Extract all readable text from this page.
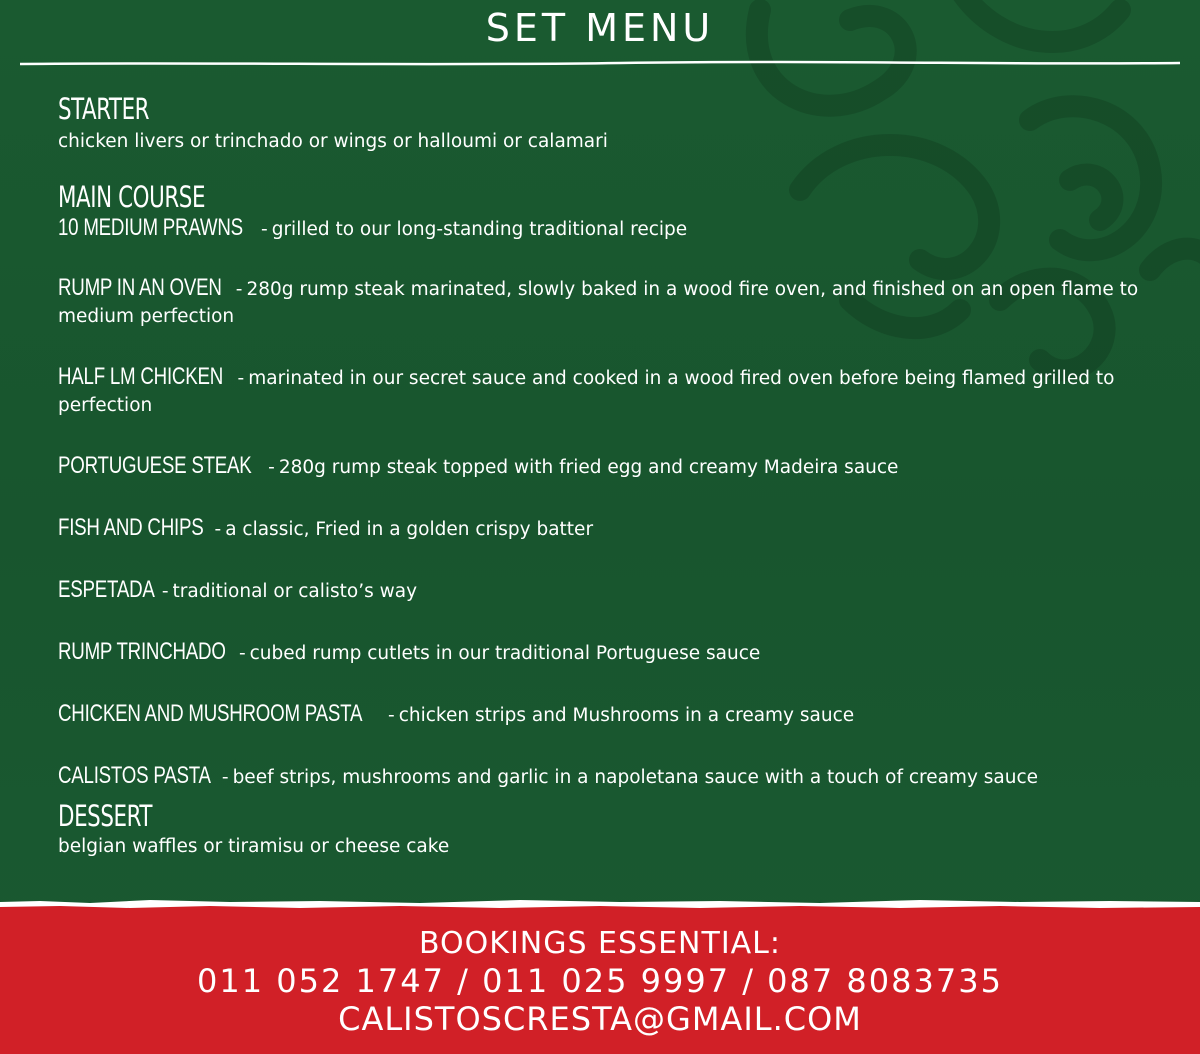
SET MENU
STARTER
chicken livers or trinchado or wings or halloumi or calamari
MAIN COURSE
10 MEDIUM PRAWNS - grilled to our long-standing traditional recipe
RUMP IN AN OVEN - 280g rump steak marinated, slowly baked in a wood fire oven, and finished on an open flame to medium perfection
HALF LM CHICKEN - marinated in our secret sauce and cooked in a wood fired oven before being flamed grilled to perfection
PORTUGUESE STEAK - 280g rump steak topped with fried egg and creamy Madeira sauce
FISH AND CHIPS - a classic, Fried in a golden crispy batter
ESPETADA - traditional or calisto’s way
RUMP TRINCHADO - cubed rump cutlets in our traditional Portuguese sauce
CHICKEN AND MUSHROOM PASTA - chicken strips and Mushrooms in a creamy sauce
CALISTOS PASTA - beef strips, mushrooms and garlic in a napoletana sauce with a touch of creamy sauce
DESSERT
belgian waffles or tiramisu or cheese cake
BOOKINGS ESSENTIAL:
011 052 1747 / 011 025 9997 / 087 8083735
CALISTOSCRESTA@GMAIL.COM
